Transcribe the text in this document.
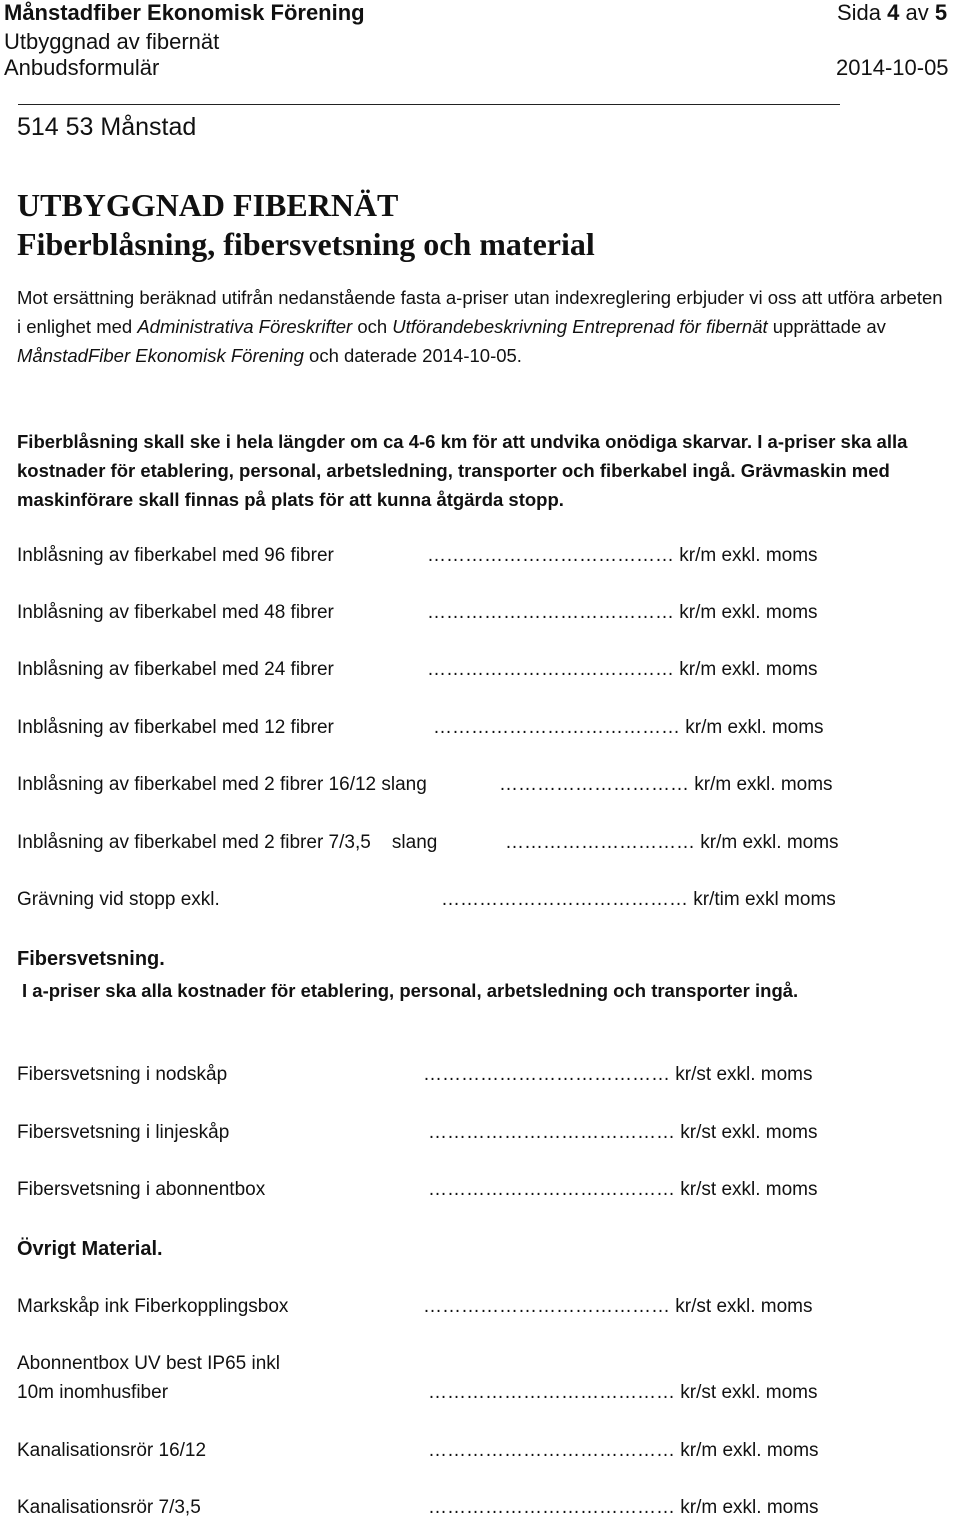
Månstadfiber Ekonomisk Förening	Sida 4 av 5
Utbyggnad av fibernät
Anbudsformulär	2014-10-05
514 53 Månstad
UTBYGGNAD FIBERNÄT
Fiberblåsning, fibersvetsning och material
Mot ersättning beräknad utifrån nedanstående fasta a-priser utan indexreglering erbjuder vi oss att utföra arbeten i enlighet med Administrativa Föreskrifter och Utförandebeskrivning Entreprenad för fibernät upprättade av MånstadFiber Ekonomisk Förening och daterade 2014-10-05.
Fiberblåsning skall ske i hela längder om ca 4-6 km för att undvika onödiga skarvar. I a-priser ska alla kostnader för etablering, personal, arbetsledning, transporter och fiberkabel ingå. Grävmaskin med maskinförare skall finnas på plats för att kunna åtgärda stopp.
Inblåsning av fiberkabel med 96 fibrer	………………………………… kr/m exkl. moms
Inblåsning av fiberkabel med 48 fibrer	………………………………… kr/m exkl. moms
Inblåsning av fiberkabel med 24 fibrer	………………………………… kr/m exkl. moms
Inblåsning av fiberkabel med 12 fibrer	………………………………… kr/m exkl. moms
Inblåsning av fiberkabel med 2 fibrer 16/12 slang	………………………… kr/m exkl. moms
Inblåsning av fiberkabel med 2 fibrer 7/3,5    slang	………………………… kr/m exkl. moms
Grävning vid stopp exkl.	………………………………… kr/tim exkl moms
Fibersvetsning.
I a-priser ska alla kostnader för etablering, personal, arbetsledning och transporter ingå.
Fibersvetsning i nodskåp	………………………………… kr/st exkl. moms
Fibersvetsning i linjeskåp	………………………………… kr/st exkl. moms
Fibersvetsning i abonnentbox	………………………………… kr/st exkl. moms
Övrigt Material.
Markskåp ink Fiberkopplingsbox	………………………………… kr/st exkl. moms
Abonnentbox UV best IP65 inkl
10m inomhusfiber	………………………………… kr/st exkl. moms
Kanalisationsrör 16/12	………………………………… kr/m exkl. moms
Kanalisationsrör 7/3,5	………………………………… kr/m exkl. moms
